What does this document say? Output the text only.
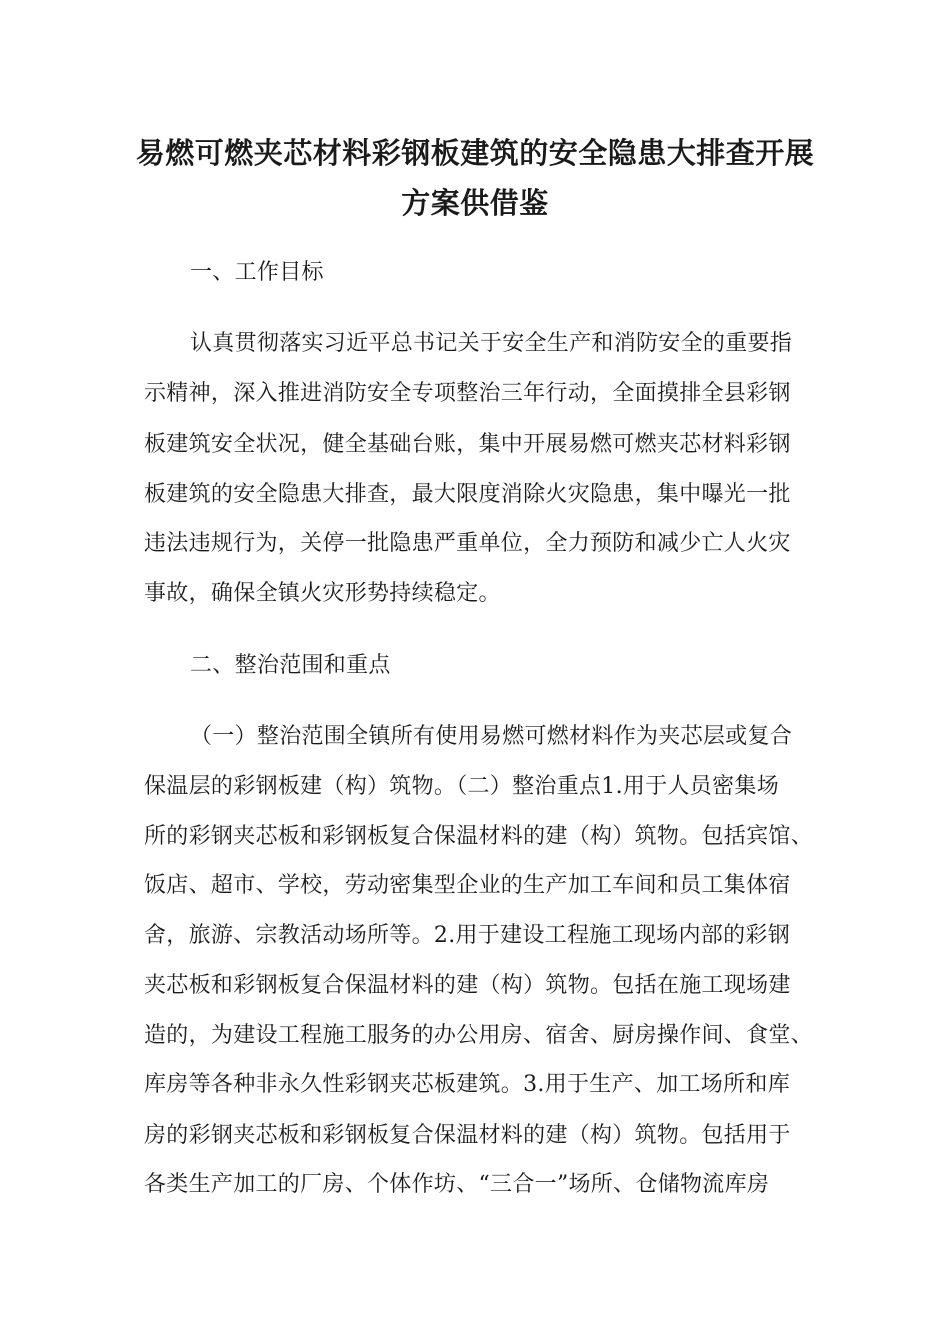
易燃可燃夹芯材料彩钢板建筑的安全隐患大排查开展
方案供借鉴
一、工作目标
认真贯彻落实习近平总书记关于安全生产和消防安全的重要指
示精神，深入推进消防安全专项整治三年行动，全面摸排全县彩钢
板建筑安全状况，健全基础台账，集中开展易燃可燃夹芯材料彩钢
板建筑的安全隐患大排查，最大限度消除火灾隐患，集中曝光一批
违法违规行为，关停一批隐患严重单位，全力预防和减少亡人火灾
事故，确保全镇火灾形势持续稳定。
二、整治范围和重点
（一）整治范围全镇所有使用易燃可燃材料作为夹芯层或复合
保温层的彩钢板建（构）筑物。（二）整治重点1.用于人员密集场
所的彩钢夹芯板和彩钢板复合保温材料的建（构）筑物。包括宾馆、
饭店、超市、学校，劳动密集型企业的生产加工车间和员工集体宿
舍，旅游、宗教活动场所等。2.用于建设工程施工现场内部的彩钢
夹芯板和彩钢板复合保温材料的建（构）筑物。包括在施工现场建
造的，为建设工程施工服务的办公用房、宿舍、厨房操作间、食堂、
库房等各种非永久性彩钢夹芯板建筑。3.用于生产、加工场所和库
房的彩钢夹芯板和彩钢板复合保温材料的建（构）筑物。包括用于
各类生产加工的厂房、个体作坊、“三合一”场所、仓储物流库房
